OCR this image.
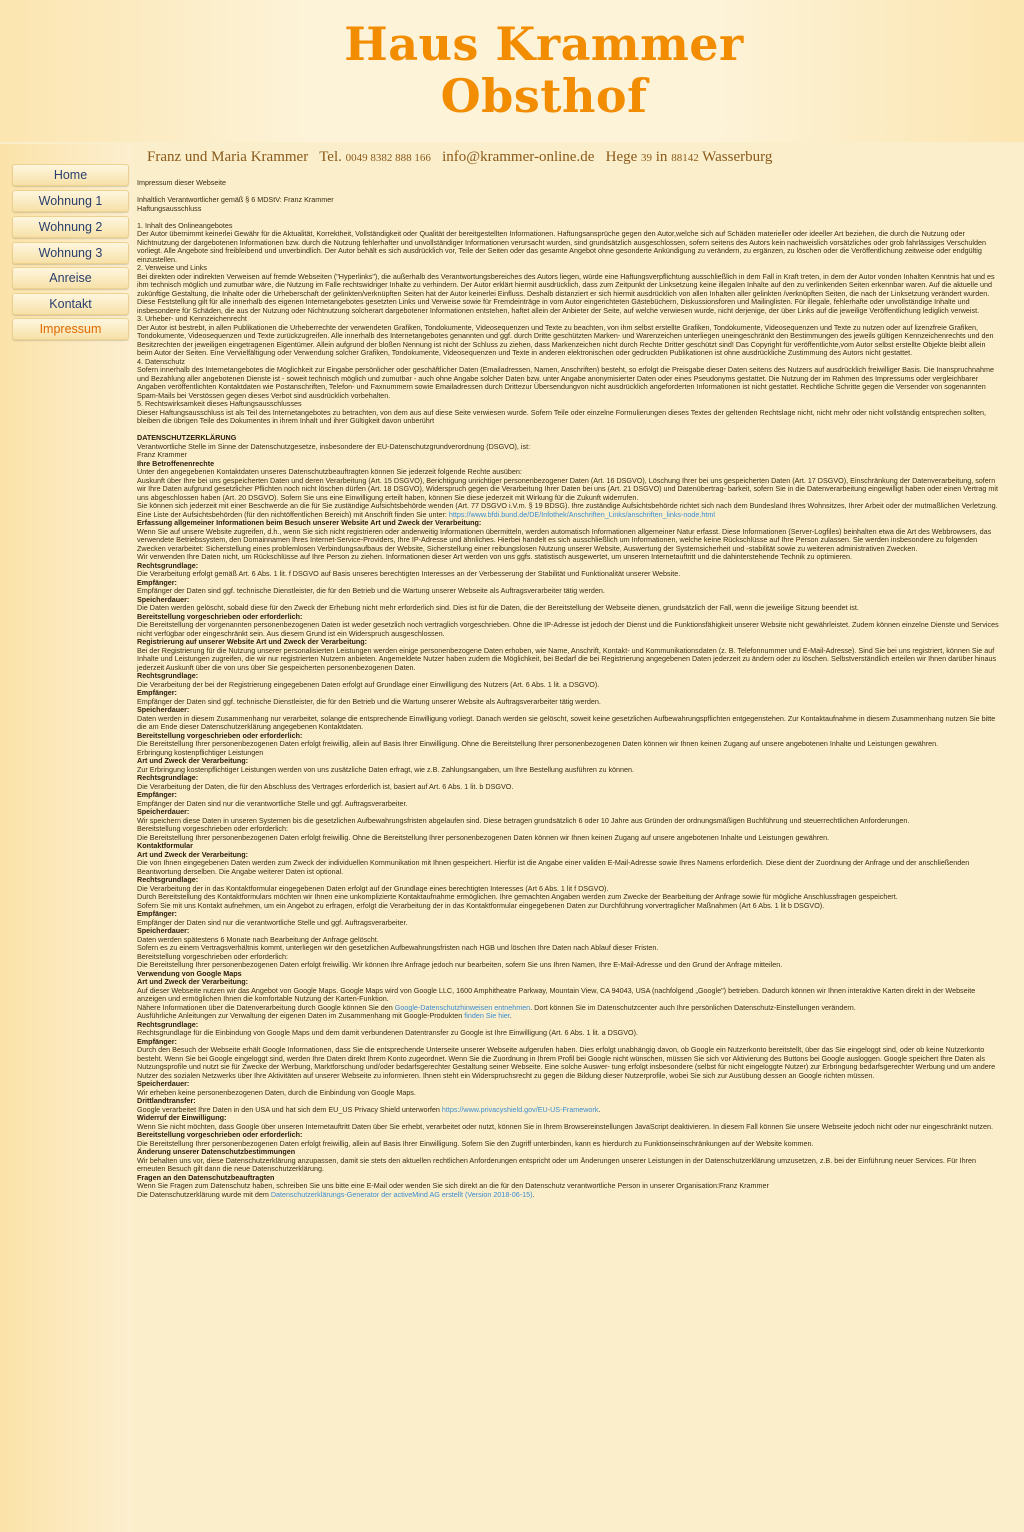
Haus Krammer
Obsthof
Franz und Maria Krammer Tel. 0049 8382 888 166 info@krammer-online.de Hege 39 in 88142 Wasserburg
Home
Wohnung 1
Wohnung 2
Wohnung 3
Anreise
Kontakt
Impressum

Impressum dieser Webseite

Inhaltlich Verantwortlicher gemäß § 6 MDStV: Franz Krammer

Haftungsausschluss

1. Inhalt des Onlineangebotes

Der Autor übernimmt keinerlei Gewähr für die Aktualität, Korrektheit, Vollständigkeit oder Qualität der bereitgestellten Informationen. Haftungsansprüche gegen den Autor,welche sich auf Schäden materieller oder ideeller Art beziehen, die durch die Nutzung oder Nichtnutzung der dargebotenen Informationen bzw. durch die Nutzung fehlerhafter und unvollständiger Informationen verursacht wurden, sind grundsätzlich ausgeschlossen, sofern seitens des Autors kein nachweislich vorsätzliches oder grob fahrlässiges Verschulden vorliegt. Alle Angebote sind freibleibend und unverbindlich. Der Autor behält es sich ausdrücklich vor, Teile der Seiten oder das gesamte Angebot ohne gesonderte Ankündigung zu verändern, zu ergänzen, zu löschen oder die Veröffentlichung zeitweise oder endgültig einzustellen.

2. Verweise und Links

Bei direkten oder indirekten Verweisen auf fremde Webseiten ("Hyperlinks"), die außerhalb des Verantwortungsbereiches des Autors liegen, würde eine Haftungsverpflichtung ausschließlich in dem Fall in Kraft treten, in dem der Autor vonden Inhalten Kenntnis hat und es ihm technisch möglich und zumutbar wäre, die Nutzung im Falle rechtswidriger Inhalte zu verhindern. Der Autor erklärt hiermit ausdrücklich, dass zum Zeitpunkt der Linksetzung keine illegalen Inhalte auf den zu verlinkenden Seiten erkennbar waren. Auf die aktuelle und zukünftige Gestaltung, die Inhalte oder die Urheberschaft der gelinkten/verknüpften Seiten hat der Autor keinerlei Einfluss. Deshalb distanziert er sich hiermit ausdrücklich von allen Inhalten aller gelinkten /verknüpften Seiten, die nach der Linksetzung verändert wurden. Diese Feststellung gilt für alle innerhalb des eigenen Internetangebotes gesetzten Links und Verweise sowie für Fremdeinträge in vom Autor eingerichteten Gästebüchern, Diskussionsforen und Mailinglisten. Für illegale, fehlerhafte oder unvollständige Inhalte und insbesondere für Schäden, die aus der Nutzung oder Nichtnutzung solcherart dargebotener Informationen entstehen, haftet allein der Anbieter der Seite, auf welche verwiesen wurde, nicht derjenige, der über Links auf die jeweilige Veröffentlichung lediglich verweist.

3. Urheber- und Kennzeichenrecht

Der Autor ist bestrebt, in allen Publikationen die Urheberrechte der verwendeten Grafiken, Tondokumente, Videosequenzen und Texte zu beachten, von ihm selbst erstellte Grafiken, Tondokumente, Videosequenzen und Texte zu nutzen oder auf lizenzfreie Grafiken, Tondokumente, Videosequenzen und Texte zurückzugreifen. Alle innerhalb des Internetangebotes genannten und ggf. durch Dritte geschützten Marken- und Warenzeichen unterliegen uneingeschränkt den Bestimmungen des jeweils gültigen Kennzeichenrechts und den Besitzrechten der jeweiligen eingetragenen Eigentümer. Allein aufgrund der bloßen Nennung ist nicht der Schluss zu ziehen, dass Markenzeichen nicht durch Rechte Dritter geschützt sind! Das Copyright für veröffentlichte,vom Autor selbst erstellte Objekte bleibt allein beim Autor der Seiten. Eine Vervielfältigung oder Verwendung solcher Grafiken, Tondokumente, Videosequenzen und Texte in anderen elektronischen oder gedruckten Publikationen ist ohne ausdrückliche Zustimmung des Autors nicht gestattet.

4. Datenschutz

Sofern innerhalb des Internetangebotes die Möglichkeit zur Eingabe persönlicher oder geschäftlicher Daten (Emailadressen, Namen, Anschriften) besteht, so erfolgt die Preisgabe dieser Daten seitens des Nutzers auf ausdrücklich freiwilliger Basis. Die Inanspruchnahme und Bezahlung aller angebotenen Dienste ist - soweit technisch möglich und zumutbar - auch ohne Angabe solcher Daten bzw. unter Angabe anonymisierter Daten oder eines Pseudonyms gestattet. Die Nutzung der im Rahmen des Impressums oder vergleichbarer Angaben veröffentlichten Kontaktdaten wie Postanschriften, Telefon- und Faxnummern sowie Emailadressen durch Drittezur Übersendungvon nicht ausdrücklich angeforderten Informationen ist nicht gestattet. Rechtliche Schritte gegen die Versender von sogenannten Spam-Mails bei Verstössen gegen dieses Verbot sind ausdrücklich vorbehalten.

5. Rechtswirksamkeit dieses Haftungsausschlusses

Dieser Haftungsausschluss ist als Teil des Internetangebotes zu betrachten, von dem aus auf diese Seite verwiesen wurde. Sofern Teile oder einzelne Formulierungen dieses Textes der geltenden Rechtslage nicht, nicht mehr oder nicht vollständig entsprechen sollten, bleiben die übrigen Teile des Dokumentes in ihrem Inhalt und ihrer Gültigkeit davon unberührt

DATENSCHUTZERKLÄRUNG

Verantwortliche Stelle im Sinne der Datenschutzgesetze, insbesondere der EU-Datenschutzgrundverordnung (DSGVO), ist:

Franz Krammer

Ihre Betroffenenrechte

Unter den angegebenen Kontaktdaten unseres Datenschutzbeauftragten können Sie jederzeit folgende Rechte ausüben:

Auskunft über Ihre bei uns gespeicherten Daten und deren Verarbeitung (Art. 15 DSGVO), Berichtigung unrichtiger personenbezogener Daten (Art. 16 DSGVO), Löschung Ihrer bei uns gespeicherten Daten (Art. 17 DSGVO), Einschränkung der Datenverarbeitung, sofern wir Ihre Daten aufgrund gesetzlicher Pflichten noch nicht löschen dürfen (Art. 18 DSGVO), Widerspruch gegen die Verarbeitung Ihrer Daten bei uns (Art. 21 DSGVO) und Datenübertrag- barkeit, sofern Sie in die Datenverarbeitung eingewilligt haben oder einen Vertrag mit uns abgeschlossen haben (Art. 20 DSGVO). Sofern Sie uns eine Einwilligung erteilt haben, können Sie diese jederzeit mit Wirkung für die Zukunft widerrufen.

Sie können sich jederzeit mit einer Beschwerde an die für Sie zuständige Aufsichtsbehörde wenden (Art. 77 DSGVO i.V.m. § 19 BDSG). Ihre zuständige Aufsichtsbehörde richtet sich nach dem Bundesland Ihres Wohnsitzes, Ihrer Arbeit oder der mutmaßlichen Verletzung. Eine Liste der Aufsichtsbehörden (für den nichtöffentlichen Bereich) mit Anschrift finden Sie unter: https://www.bfdi.bund.de/DE/Infothek/Anschriften_Links/anschriften_links-node.html

Erfassung allgemeiner Informationen beim Besuch unserer Website Art und Zweck der Verarbeitung:

Wenn Sie auf unsere Website zugreifen, d.h., wenn Sie sich nicht registrieren oder anderweitig Informationen übermitteln, werden automatisch Informationen allgemeiner Natur erfasst. Diese Informationen (Server-Logfiles) beinhalten etwa die Art des Webbrowsers, das verwendete Betriebssystem, den Domainnamen Ihres Internet-Service-Providers, Ihre IP-Adresse und ähnliches. Hierbei handelt es sich ausschließlich um Informationen, welche keine Rückschlüsse auf Ihre Person zulassen. Sie werden insbesondere zu folgenden Zwecken verarbeitet: Sicherstellung eines problemlosen Verbindungsaufbaus der Website, Sicherstellung einer reibungslosen Nutzung unserer Website, Auswertung der Systemsicherheit und -stabilität sowie zu weiteren administrativen Zwecken.

Wir verwenden Ihre Daten nicht, um Rückschlüsse auf Ihre Person zu ziehen. Informationen dieser Art werden von uns ggfs. statistisch ausgewertet, um unseren Internetauftritt und die dahinterstehende Technik zu optimieren.

Rechtsgrundlage:

Die Verarbeitung erfolgt gemäß Art. 6 Abs. 1 lit. f DSGVO auf Basis unseres berechtigten Interesses an der Verbesserung der Stabilität und Funktionalität unserer Website.

Empfänger:

Empfänger der Daten sind ggf. technische Dienstleister, die für den Betrieb und die Wartung unserer Webseite als Auftragsverarbeiter tätig werden.

Speicherdauer:

Die Daten werden gelöscht, sobald diese für den Zweck der Erhebung nicht mehr erforderlich sind. Dies ist für die Daten, die der Bereitstellung der Webseite dienen, grundsätzlich der Fall, wenn die jeweilige Sitzung beendet ist.

Bereitstellung vorgeschrieben oder erforderlich:

Die Bereitstellung der vorgenannten personenbezogenen Daten ist weder gesetzlich noch vertraglich vorgeschrieben. Ohne die IP-Adresse ist jedoch der Dienst und die Funktionsfähigkeit unserer Website nicht gewährleistet. Zudem können einzelne Dienste und Services nicht verfügbar oder eingeschränkt sein. Aus diesem Grund ist ein Widerspruch ausgeschlossen.

Registrierung auf unserer Website Art und Zweck der Verarbeitung:

Bei der Registrierung für die Nutzung unserer personalisierten Leistungen werden einige personenbezogene Daten erhoben, wie Name, Anschrift, Kontakt- und Kommunikationsdaten (z. B. Telefonnummer und E-Mail-Adresse). Sind Sie bei uns registriert, können Sie auf Inhalte und Leistungen zugreifen, die wir nur registrierten Nutzern anbieten. Angemeldete Nutzer haben zudem die Möglichkeit, bei Bedarf die bei Registrierung angegebenen Daten jederzeit zu ändern oder zu löschen. Selbstverständlich erteilen wir Ihnen darüber hinaus jederzeit Auskunft über die von uns über Sie gespeicherten personenbezogenen Daten.

Rechtsgrundlage:

Die Verarbeitung der bei der Registrierung eingegebenen Daten erfolgt auf Grundlage einer Einwilligung des Nutzers (Art. 6 Abs. 1 lit. a DSGVO).

Empfänger:

Empfänger der Daten sind ggf. technische Dienstleister, die für den Betrieb und die Wartung unserer Website als Auftragsverarbeiter tätig werden.

Speicherdauer:

Daten werden in diesem Zusammenhang nur verarbeitet, solange die entsprechende Einwilligung vorliegt. Danach werden sie gelöscht, soweit keine gesetzlichen Aufbewahrungspflichten entgegenstehen. Zur Kontaktaufnahme in diesem Zusammenhang nutzen Sie bitte die am Ende dieser Datenschutzerklärung angegebenen Kontaktdaten.

Bereitstellung vorgeschrieben oder erforderlich:

Die Bereitstellung Ihrer personenbezogenen Daten erfolgt freiwillig, allein auf Basis Ihrer Einwilligung. Ohne die Bereitstellung Ihrer personenbezogenen Daten können wir Ihnen keinen Zugang auf unsere angebotenen Inhalte und Leistungen gewähren.

Erbringung kostenpflichtiger Leistungen

Art und Zweck der Verarbeitung:

Zur Erbringung kostenpflichtiger Leistungen werden von uns zusätzliche Daten erfragt, wie z.B. Zahlungsangaben, um Ihre Bestellung ausführen zu können.

Rechtsgrundlage:

Die Verarbeitung der Daten, die für den Abschluss des Vertrages erforderlich ist, basiert auf Art. 6 Abs. 1 lit. b DSGVO.

Empfänger:

Empfänger der Daten sind nur die verantwortliche Stelle und ggf. Auftragsverarbeiter.

Speicherdauer:

Wir speichern diese Daten in unseren Systemen bis die gesetzlichen Aufbewahrungsfristen abgelaufen sind. Diese betragen grundsätzlich 6 oder 10 Jahre aus Gründen der ordnungsmäßigen Buchführung und steuerrechtlichen Anforderungen.

Bereitstellung vorgeschrieben oder erforderlich:

Die Bereitstellung Ihrer personenbezogenen Daten erfolgt freiwillig. Ohne die Bereitstellung Ihrer personenbezogenen Daten können wir Ihnen keinen Zugang auf unsere angebotenen Inhalte und Leistungen gewähren.

Kontaktformular

Art und Zweck der Verarbeitung:

Die von Ihnen eingegebenen Daten werden zum Zweck der individuellen Kommunikation mit Ihnen gespeichert. Hierfür ist die Angabe einer validen E-Mail-Adresse sowie Ihres Namens erforderlich. Diese dient der Zuordnung der Anfrage und der anschließenden Beantwortung derselben. Die Angabe weiterer Daten ist optional.

Rechtsgrundlage:

Die Verarbeitung der in das Kontaktformular eingegebenen Daten erfolgt auf der Grundlage eines berechtigten Interesses (Art 6 Abs. 1 lit f DSGVO).

Durch Bereitstellung des Kontaktformulars möchten wir Ihnen eine unkomplizierte Kontaktaufnahme ermöglichen. Ihre gemachten Angaben werden zum Zwecke der Bearbeitung der Anfrage sowie für mögliche Anschlussfragen gespeichert.

Sofern Sie mit uns Kontakt aufnehmen, um ein Angebot zu erfragen, erfolgt die Verarbeitung der in das Kontaktformular eingegebenen Daten zur Durchführung vorvertraglicher Maßnahmen (Art 6 Abs. 1 lit b DSGVO).

Empfänger:

Empfänger der Daten sind nur die verantwortliche Stelle und ggf. Auftragsverarbeiter.

Speicherdauer:

Daten werden spätestens 6 Monate nach Bearbeitung der Anfrage gelöscht.

Sofern es zu einem Vertragsverhältnis kommt, unterliegen wir den gesetzlichen Aufbewahrungsfristen nach HGB und löschen Ihre Daten nach Ablauf dieser Fristen.

Bereitstellung vorgeschrieben oder erforderlich:

Die Bereitstellung Ihrer personenbezogenen Daten erfolgt freiwillig. Wir können Ihre Anfrage jedoch nur bearbeiten, sofern Sie uns Ihren Namen, Ihre E-Mail-Adresse und den Grund der Anfrage mitteilen.

Verwendung von Google Maps

Art und Zweck der Verarbeitung:

Auf dieser Webseite nutzen wir das Angebot von Google Maps. Google Maps wird von Google LLC, 1600 Amphitheatre Parkway, Mountain View, CA 94043, USA (nachfolgend „Google") betrieben. Dadurch können wir Ihnen interaktive Karten direkt in der Webseite anzeigen und ermöglichen Ihnen die komfortable Nutzung der Karten-Funktion.

Nähere Informationen über die Datenverarbeitung durch Google können Sie den Google-Datenschutzhinweisen entnehmen. Dort können Sie im Datenschutzcenter auch Ihre persönlichen Datenschutz-Einstellungen verändern.

Ausführliche Anleitungen zur Verwaltung der eigenen Daten im Zusammenhang mit Google-Produkten finden Sie hier.

Rechtsgrundlage:

Rechtsgrundlage für die Einbindung von Google Maps und dem damit verbundenen Datentransfer zu Google ist Ihre Einwilligung (Art. 6 Abs. 1 lit. a DSGVO).

Empfänger:

Durch den Besuch der Webseite erhält Google Informationen, dass Sie die entsprechende Unterseite unserer Webseite aufgerufen haben. Dies erfolgt unabhängig davon, ob Google ein Nutzerkonto bereitstellt, über das Sie eingeloggt sind, oder ob keine Nutzerkonto besteht. Wenn Sie bei Google eingeloggt sind, werden Ihre Daten direkt Ihrem Konto zugeordnet. Wenn Sie die Zuordnung in Ihrem Profil bei Google nicht wünschen, müssen Sie sich vor Aktivierung des Buttons bei Google ausloggen. Google speichert Ihre Daten als Nutzungsprofile und nutzt sie für Zwecke der Werbung, Marktforschung und/oder bedarfsgerechter Gestaltung seiner Webseite. Eine solche Auswer- tung erfolgt insbesondere (selbst für nicht eingeloggte Nutzer) zur Erbringung bedarfsgerechter Werbung und um andere Nutzer des sozialen Netzwerks über Ihre Aktivitäten auf unserer Webseite zu informieren. Ihnen steht ein Widerspruchsrecht zu gegen die Bildung dieser Nutzerprofile, wobei Sie sich zur Ausübung dessen an Google richten müssen.

Speicherdauer:

Wir erheben keine personenbezogenen Daten, durch die Einbindung von Google Maps.

Drittlandtransfer:

Google verarbeitet Ihre Daten in den USA und hat sich dem EU_US Privacy Shield unterworfen https://www.privacyshield.gov/EU-US-Framework.

Widerruf der Einwilligung:

Wenn Sie nicht möchten, dass Google über unseren Internetauftritt Daten über Sie erhebt, verarbeitet oder nutzt, können Sie in Ihrem Browsereinstellungen JavaScript deaktivieren. In diesem Fall können Sie unsere Webseite jedoch nicht oder nur eingeschränkt nutzen.

Bereitstellung vorgeschrieben oder erforderlich:

Die Bereitstellung Ihrer personenbezogenen Daten erfolgt freiwillig, allein auf Basis Ihrer Einwilligung. Sofern Sie den Zugriff unterbinden, kann es hierdurch zu Funktionseinschränkungen auf der Website kommen.

Änderung unserer Datenschutzbestimmungen

Wir behalten uns vor, diese Datenschutzerklärung anzupassen, damit sie stets den aktuellen rechtlichen Anforderungen entspricht oder um Änderungen unserer Leistungen in der Datenschutzerklärung umzusetzen, z.B. bei der Einführung neuer Services. Für Ihren erneuten Besuch gilt dann die neue Datenschutzerklärung.

Fragen an den Datenschutzbeauftragten

Wenn Sie Fragen zum Datenschutz haben, schreiben Sie uns bitte eine E-Mail oder wenden Sie sich direkt an die für den Datenschutz verantwortliche Person in unserer Organisation:Franz Krammer

Die Datenschutzerklärung wurde mit dem Datenschutzerklärungs-Generator der activeMind AG erstellt (Version 2018-06-15).
